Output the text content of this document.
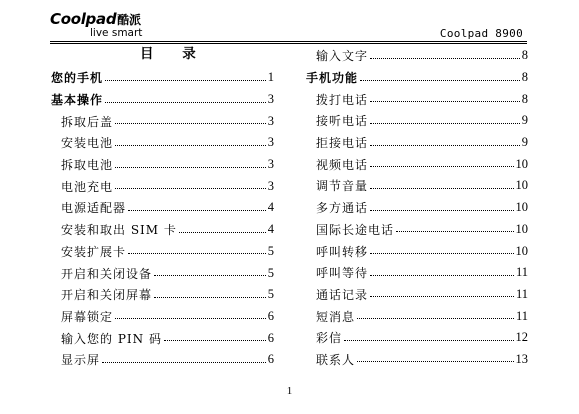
Coolpad酷派
live smart	Coolpad 8900
目 录
您的手机	1
基本操作	3
拆取后盖	3
安装电池	3
拆取电池	3
电池充电	3
电源适配器	4
安装和取出 SIM 卡	4
安装扩展卡	5
开启和关闭设备	5
开启和关闭屏幕	5
屏幕锁定	6
输入您的 PIN 码	6
显示屏	6
输入文字	8
手机功能	8
拨打电话	8
接听电话	9
拒接电话	9
视频电话	10
调节音量	10
多方通话	10
国际长途电话	10
呼叫转移	10
呼叫等待	11
通话记录	11
短消息	11
彩信	12
联系人	13
1
